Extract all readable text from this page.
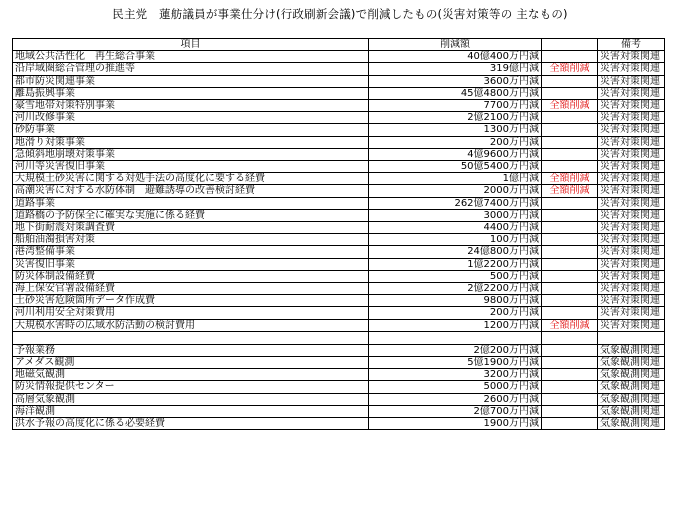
民主党　蓮舫議員が事業仕分け(行政刷新会議)で削減したもの(災害対策等の 主なもの)
項目	削減額		備考
地域公共活性化　再生総合事業	40億400万円減		災害対策関連
沿岸域圏総合管理の推進等	319億円減	全額削減	災害対策関連
都市防災関連事業	3600万円減		災害対策関連
離島振興事業	45億4800万円減		災害対策関連
豪雪地帯対策特別事業	7700万円減	全額削減	災害対策関連
河川改修事業	2億2100万円減		災害対策関連
砂防事業	1300万円減		災害対策関連
地滑り対策事業	200万円減		災害対策関連
急傾斜地崩壊対策事業	4億9600万円減		災害対策関連
河川等災害復旧事業	50億5400万円減		災害対策関連
大規模土砂災害に関する対処手法の高度化に要する経費	1億円減	全額削減	災害対策関連
高潮災害に対する水防体制　避難誘導の改善検討経費	2000万円減	全額削減	災害対策関連
道路事業	262億7400万円減		災害対策関連
道路橋の予防保全に確実な実施に係る経費	3000万円減		災害対策関連
地下街耐震対策調査費	4400万円減		災害対策関連
船舶油濁損害対策	100万円減		災害対策関連
港湾整備事業	24億800万円減		災害対策関連
災害復旧事業	1億2200万円減		災害対策関連
防災体制設備経費	500万円減		災害対策関連
海上保安官署設備経費	2億2200万円減		災害対策関連
土砂災害危険箇所データ作成費	9800万円減		災害対策関連
河川利用安全対策費用	200万円減		災害対策関連
大規模水害時の広域水防活動の検討費用	1200万円減	全額削減	災害対策関連

予報業務	2億200万円減		気象観測関連
アメダス観測	5億1900万円減		気象観測関連
地磁気観測	3200万円減		気象観測関連
防災情報提供センター	5000万円減		気象観測関連
高層気象観測	2600万円減		気象観測関連
海洋観測	2億700万円減		気象観測関連
洪水予報の高度化に係る必要経費	1900万円減		気象観測関連
